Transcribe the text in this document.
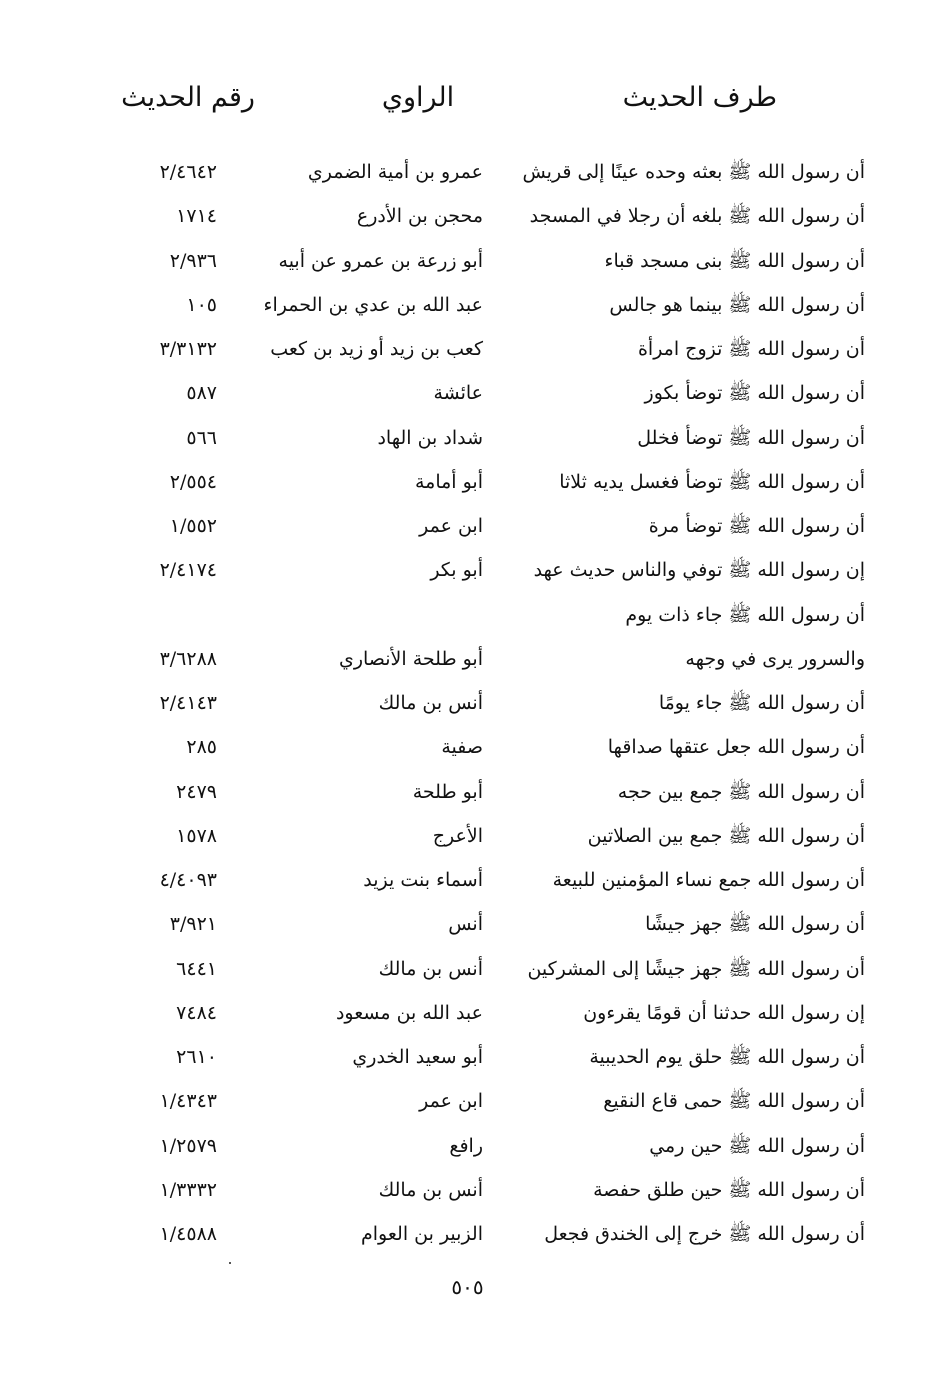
طرف الحديث
الراوي
رقم الحديث
أن رسول الله ﷺ بعثه وحده عينًا إلى قريش
عمرو بن أمية الضمري
٢/٤٦٤٢
أن رسول الله ﷺ بلغه أن رجلا في المسجد
محجن بن الأدرع
١٧١٤
أن رسول الله ﷺ بنى مسجد قباء
أبو زرعة بن عمرو عن أبيه
٢/٩٣٦
أن رسول الله ﷺ بينما هو جالس
عبد الله بن عدي بن الحمراء
١٠٥
أن رسول الله ﷺ تزوج امرأة
كعب بن زيد أو زيد بن كعب
٣/٣١٣٢
أن رسول الله ﷺ توضأ بكوز
عائشة
٥٨٧
أن رسول الله ﷺ توضأ فخلل
شداد بن الهاد
٥٦٦
أن رسول الله ﷺ توضأ فغسل يديه ثلاثا
أبو أمامة
٢/٥٥٤
أن رسول الله ﷺ توضأ مرة
ابن عمر
١/٥٥٢
إن رسول الله ﷺ توفي والناس حديث عهد
أبو بكر
٢/٤١٧٤
أن رسول الله ﷺ جاء ذات يوم
والسرور يرى في وجهه
أبو طلحة الأنصاري
٣/٦٢٨٨
أن رسول الله ﷺ جاء يومًا
أنس بن مالك
٢/٤١٤٣
أن رسول الله جعل عتقها صداقها
صفية
٢٨٥
أن رسول الله ﷺ جمع بين حجه
أبو طلحة
٢٤٧٩
أن رسول الله ﷺ جمع بين الصلاتين
الأعرج
١٥٧٨
أن رسول الله جمع نساء المؤمنين للبيعة
أسماء بنت يزيد
٤/٤٠٩٣
أن رسول الله ﷺ جهز جيشًا
أنس
٣/٩٢١
أن رسول الله ﷺ جهز جيشًا إلى المشركين
أنس بن مالك
٦٤٤١
إن رسول الله حدثنا أن قومًا يقرءون
عبد الله بن مسعود
٧٤٨٤
أن رسول الله ﷺ حلق يوم الحديبية
أبو سعيد الخدري
٢٦١٠
أن رسول الله ﷺ حمى قاع النقيع
ابن عمر
١/٤٣٤٣
أن رسول الله ﷺ حين رمي
رافع
١/٢٥٧٩
أن رسول الله ﷺ حين طلق حفصة
أنس بن مالك
١/٣٣٣٢
أن رسول الله ﷺ خرج إلى الخندق فجعل
الزبير بن العوام
١/٤٥٨٨
٥٠٥
